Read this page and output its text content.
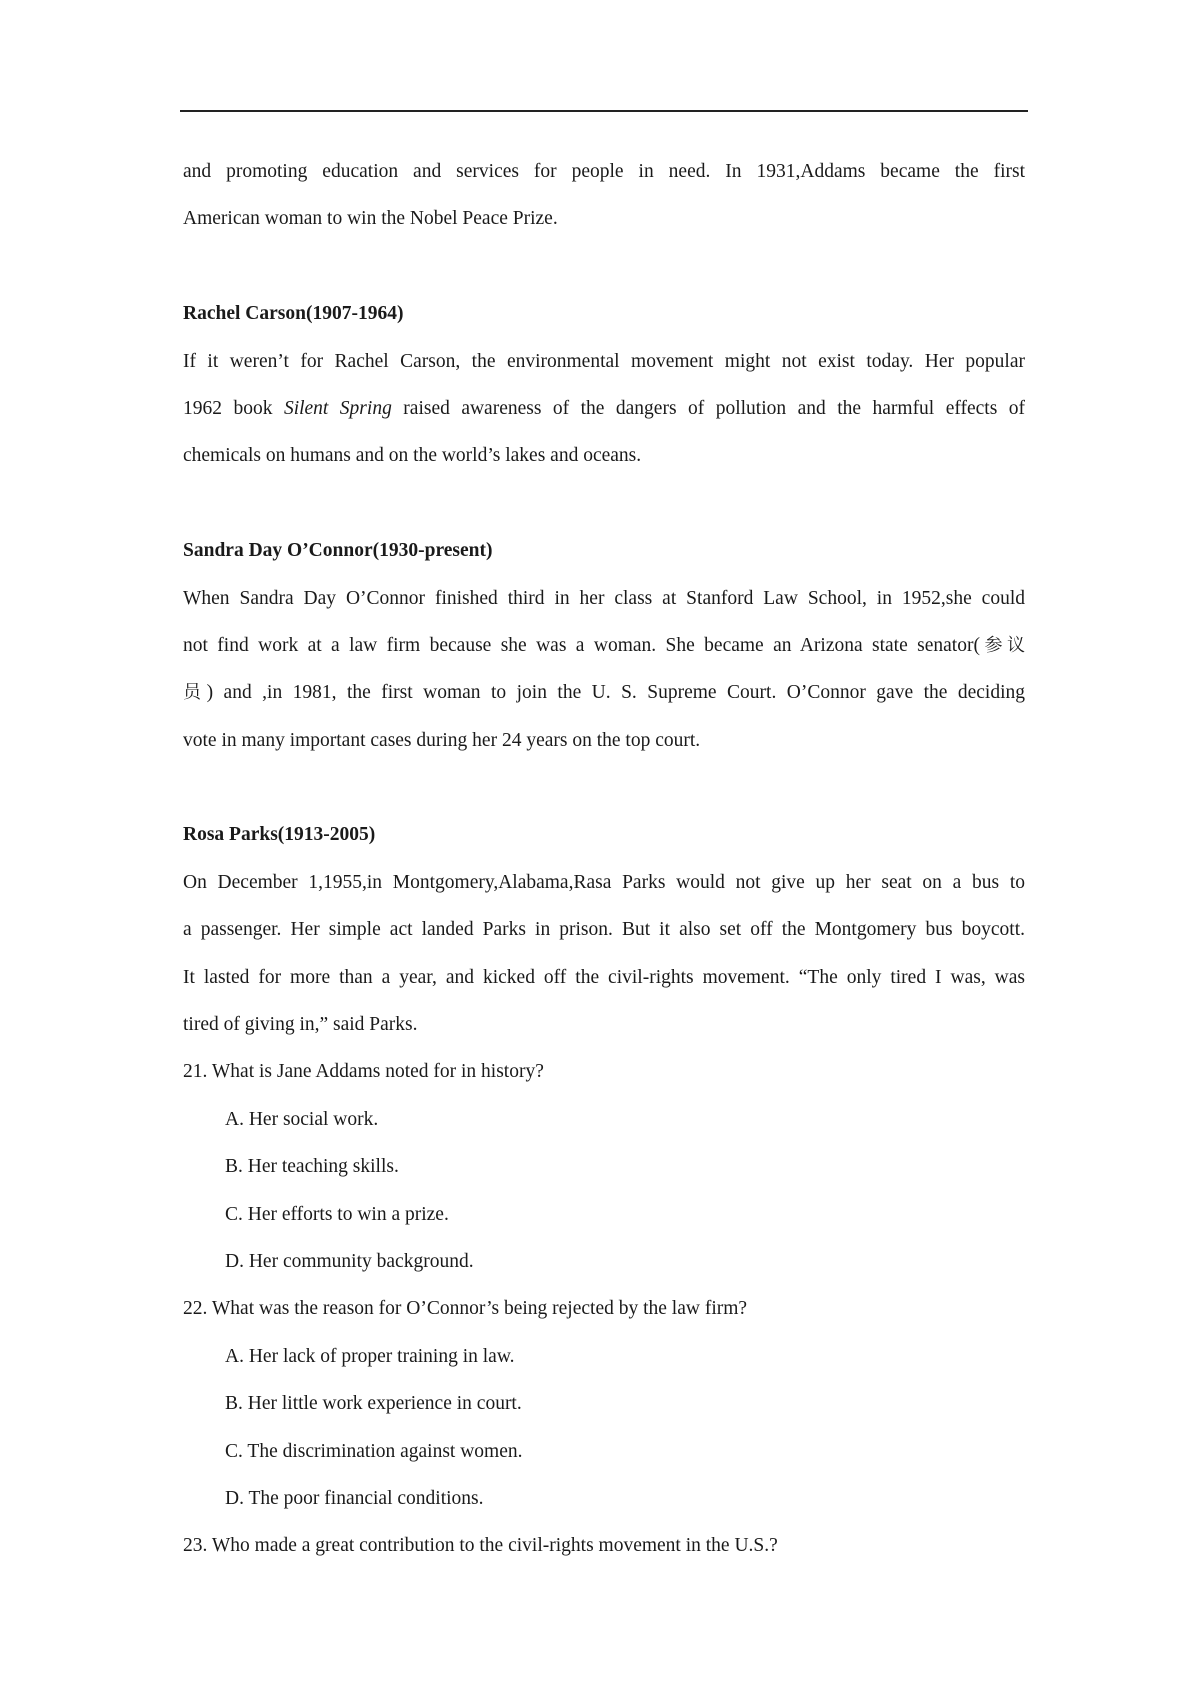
and promoting education and services for people in need. In 1931,Addams became the first
American woman to win the Nobel Peace Prize.
Rachel Carson(1907-1964)
If it weren’t for Rachel Carson, the environmental movement might not exist today. Her popular
1962 book Silent Spring raised awareness of the dangers of pollution and the harmful effects of
chemicals on humans and on the world’s lakes and oceans.
Sandra Day O’Connor(1930-present)
When Sandra Day O’Connor finished third in her class at Stanford Law School, in 1952,she could
not find work at a law firm because she was a woman. She became an Arizona state senator(参议
员) and ,in 1981, the first woman to join the U. S. Supreme Court. O’Connor gave the deciding
vote in many important cases during her 24 years on the top court.
Rosa Parks(1913-2005)
On December 1,1955,in Montgomery,Alabama,Rasa Parks would not give up her seat on a bus to
a passenger. Her simple act landed Parks in prison. But it also set off the Montgomery bus boycott.
It lasted for more than a year, and kicked off the civil-rights movement. “The only tired I was, was
tired of giving in,” said Parks.
21. What is Jane Addams noted for in history?
A. Her social work.
B. Her teaching skills.
C. Her efforts to win a prize.
D. Her community background.
22. What was the reason for O’Connor’s being rejected by the law firm?
A. Her lack of proper training in law.
B. Her little work experience in court.
C. The discrimination against women.
D. The poor financial conditions.
23. Who made a great contribution to the civil-rights movement in the U.S.?
